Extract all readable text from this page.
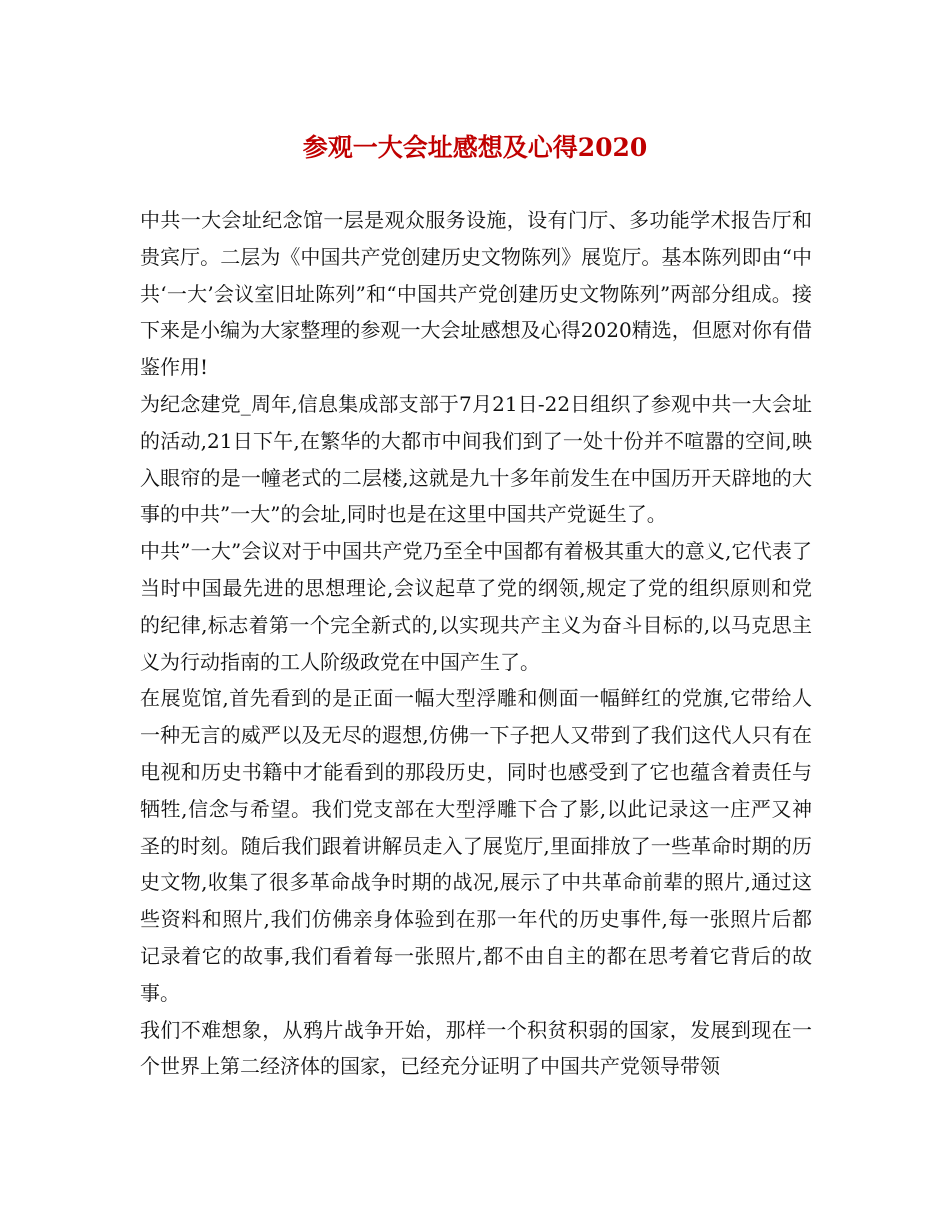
参观一大会址感想及心得2020

中共一大会址纪念馆一层是观众服务设施，设有门厅、多功能学术报告厅和贵宾厅。二层为《中国共产党创建历史文物陈列》展览厅。基本陈列即由“中共‘一大’会议室旧址陈列”和“中国共产党创建历史文物陈列”两部分组成。接下来是小编为大家整理的参观一大会址感想及心得2020精选，但愿对你有借鉴作用!

为纪念建党_周年,信息集成部支部于7月21日-22日组织了参观中共一大会址的活动,21日下午,在繁华的大都市中间我们到了一处十份并不喧嚣的空间,映入眼帘的是一幢老式的二层楼,这就是九十多年前发生在中国历开天辟地的大事的中共”一大”的会址,同时也是在这里中国共产党诞生了。

中共”一大”会议对于中国共产党乃至全中国都有着极其重大的意义,它代表了当时中国最先进的思想理论,会议起草了党的纲领,规定了党的组织原则和党的纪律,标志着第一个完全新式的,以实现共产主义为奋斗目标的,以马克思主义为行动指南的工人阶级政党在中国产生了。

在展览馆,首先看到的是正面一幅大型浮雕和侧面一幅鲜红的党旗,它带给人一种无言的威严以及无尽的遐想,仿佛一下子把人又带到了我们这代人只有在电视和历史书籍中才能看到的那段历史，同时也感受到了它也蕴含着责任与牺牲,信念与希望。我们党支部在大型浮雕下合了影,以此记录这一庄严又神圣的时刻。随后我们跟着讲解员走入了展览厅,里面排放了一些革命时期的历史文物,收集了很多革命战争时期的战况,展示了中共革命前辈的照片,通过这些资料和照片,我们仿佛亲身体验到在那一年代的历史事件,每一张照片后都记录着它的故事,我们看着每一张照片,都不由自主的都在思考着它背后的故事。

我们不难想象，从鸦片战争开始，那样一个积贫积弱的国家，发展到现在一个世界上第二经济体的国家，已经充分证明了中国共产党领导带领
